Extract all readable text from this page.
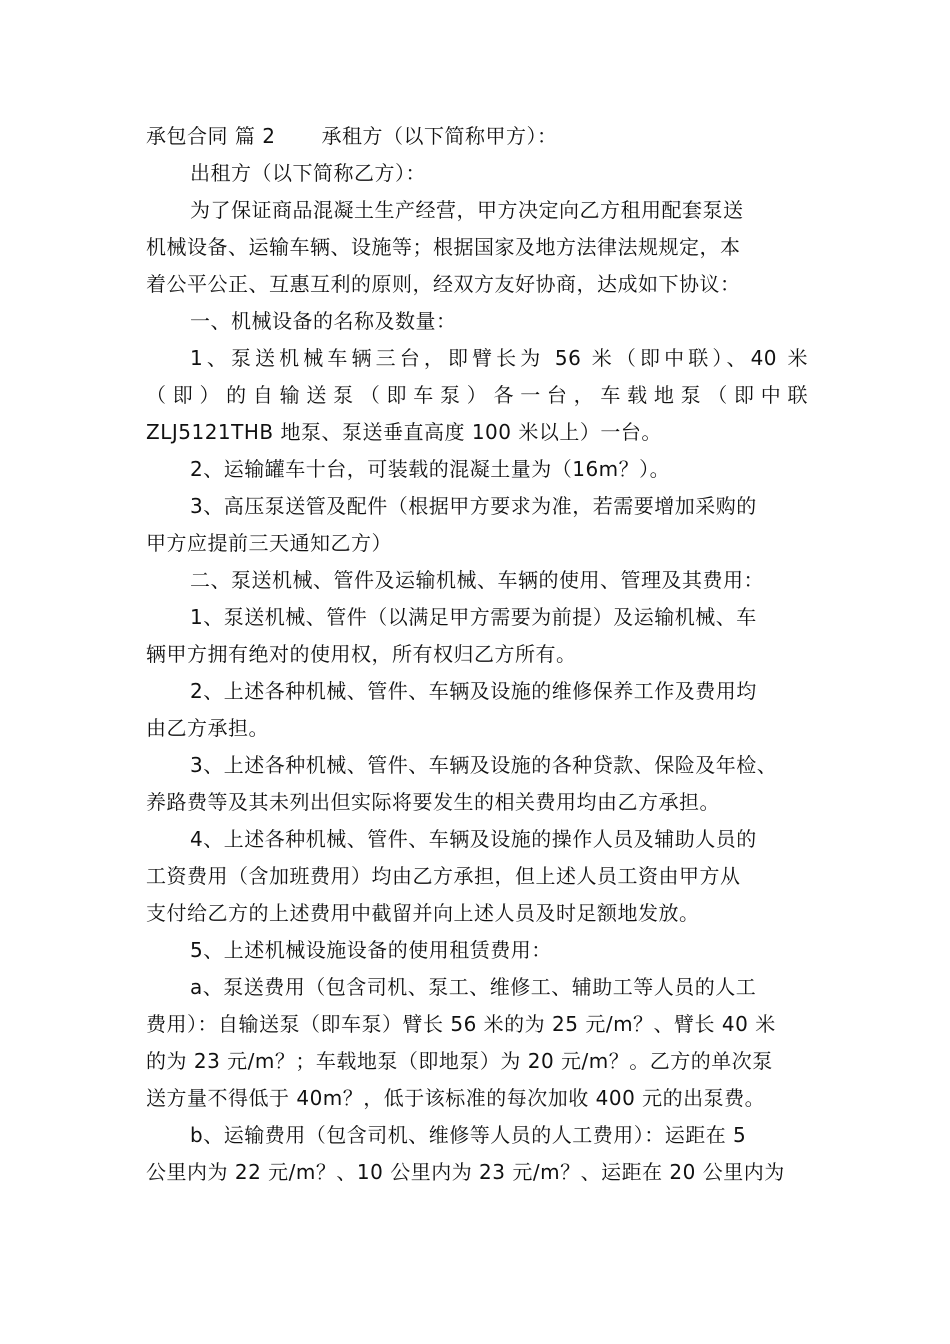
承包合同 篇 2 承租方（以下简称甲方）：
出租方（以下简称乙方）：
为了保证商品混凝土生产经营，甲方决定向乙方租用配套泵送
机械设备、运输车辆、设施等；根据国家及地方法律法规规定，本
着公平公正、互惠互利的原则，经双方友好协商，达成如下协议：
一、机械设备的名称及数量：
1、泵送机械车辆三台，即臂长为 56 米（即中联）、40 米
（即）的自输送泵（即车泵）各一台，车载地泵（即中联
ZLJ5121THB 地泵、泵送垂直高度 100 米以上）一台。
2、运输罐车十台，可装载的混凝土量为（16m？）。
3、高压泵送管及配件（根据甲方要求为准，若需要增加采购的
甲方应提前三天通知乙方）
二、泵送机械、管件及运输机械、车辆的使用、管理及其费用：
1、泵送机械、管件（以满足甲方需要为前提）及运输机械、车
辆甲方拥有绝对的使用权，所有权归乙方所有。
2、上述各种机械、管件、车辆及设施的维修保养工作及费用均
由乙方承担。
3、上述各种机械、管件、车辆及设施的各种贷款、保险及年检、
养路费等及其未列出但实际将要发生的相关费用均由乙方承担。
4、上述各种机械、管件、车辆及设施的操作人员及辅助人员的
工资费用（含加班费用）均由乙方承担，但上述人员工资由甲方从
支付给乙方的上述费用中截留并向上述人员及时足额地发放。
5、上述机械设施设备的使用租赁费用：
a、泵送费用（包含司机、泵工、维修工、辅助工等人员的人工
费用）：自输送泵（即车泵）臂长 56 米的为 25 元/m？、臂长 40 米
的为 23 元/m？；车载地泵（即地泵）为 20 元/m？。乙方的单次泵
送方量不得低于 40m？，低于该标准的每次加收 400 元的出泵费。
b、运输费用（包含司机、维修等人员的人工费用）：运距在 5
公里内为 22 元/m？、10 公里内为 23 元/m？、运距在 20 公里内为
